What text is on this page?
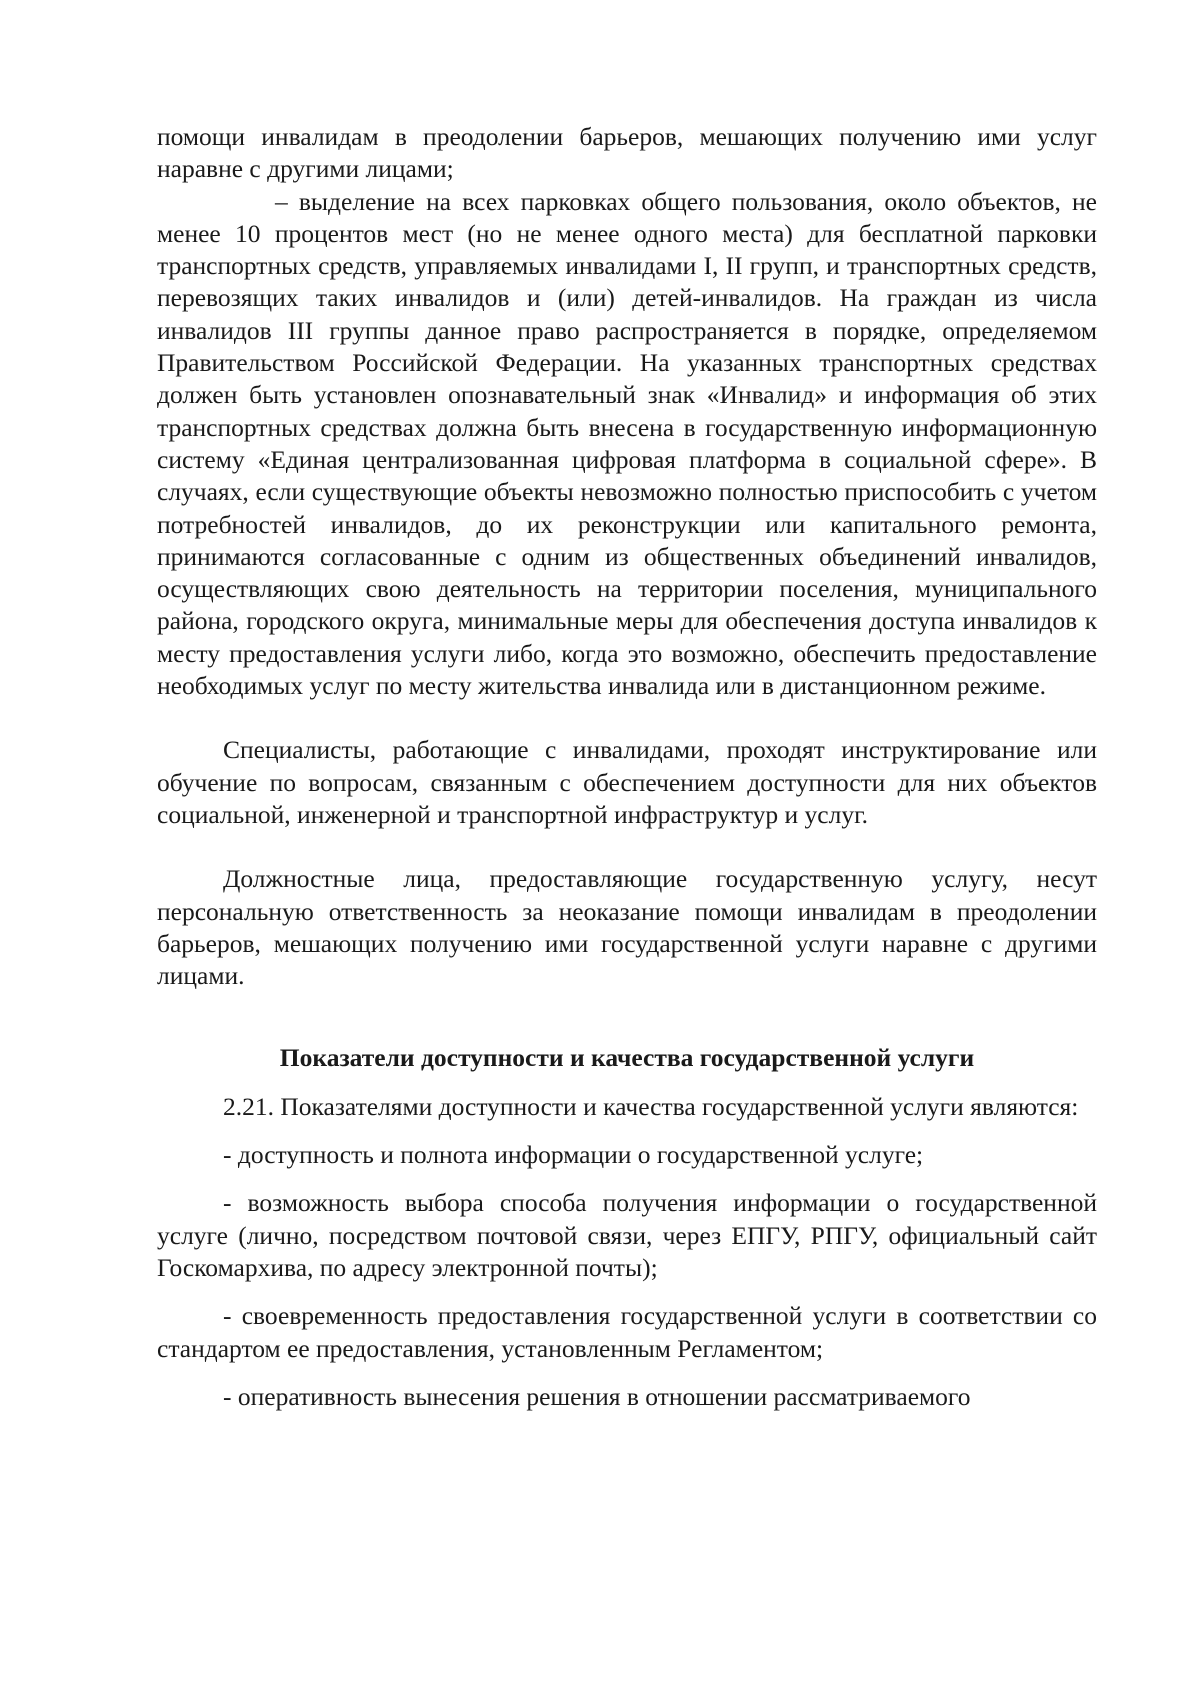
помощи инвалидам в преодолении барьеров, мешающих получению ими услуг наравне с другими лицами;

– выделение на всех парковках общего пользования, около объектов, не менее 10 процентов мест (но не менее одного места) для бесплатной парковки транспортных средств, управляемых инвалидами I, II групп, и транспортных средств, перевозящих таких инвалидов и (или) детей-инвалидов. На граждан из числа инвалидов III группы данное право распространяется в порядке, определяемом Правительством Российской Федерации. На указанных транспортных средствах должен быть установлен опознавательный знак «Инвалид» и информация об этих транспортных средствах должна быть внесена в государственную информационную систему «Единая централизованная цифровая платформа в социальной сфере». В случаях, если существующие объекты невозможно полностью приспособить с учетом потребностей инвалидов, до их реконструкции или капитального ремонта, принимаются согласованные с одним из общественных объединений инвалидов, осуществляющих свою деятельность на территории поселения, муниципального района, городского округа, минимальные меры для обеспечения доступа инвалидов к месту предоставления услуги либо, когда это возможно, обеспечить предоставление необходимых услуг по месту жительства инвалида или в дистанционном режиме.

Специалисты, работающие с инвалидами, проходят инструктирование или обучение по вопросам, связанным с обеспечением доступности для них объектов социальной, инженерной и транспортной инфраструктур и услуг.

Должностные лица, предоставляющие государственную услугу, несут персональную ответственность за неоказание помощи инвалидам в преодолении барьеров, мешающих получению ими государственной услуги наравне с другими лицами.

Показатели доступности и качества государственной услуги

2.21. Показателями доступности и качества государственной услуги являются:

- доступность и полнота информации о государственной услуге;

- возможность выбора способа получения информации о государственной услуге (лично, посредством почтовой связи, через ЕПГУ, РПГУ, официальный сайт Госкомархива, по адресу электронной почты);

- своевременность предоставления государственной услуги в соответствии со стандартом ее предоставления, установленным Регламентом;

- оперативность вынесения решения в отношении рассматриваемого
